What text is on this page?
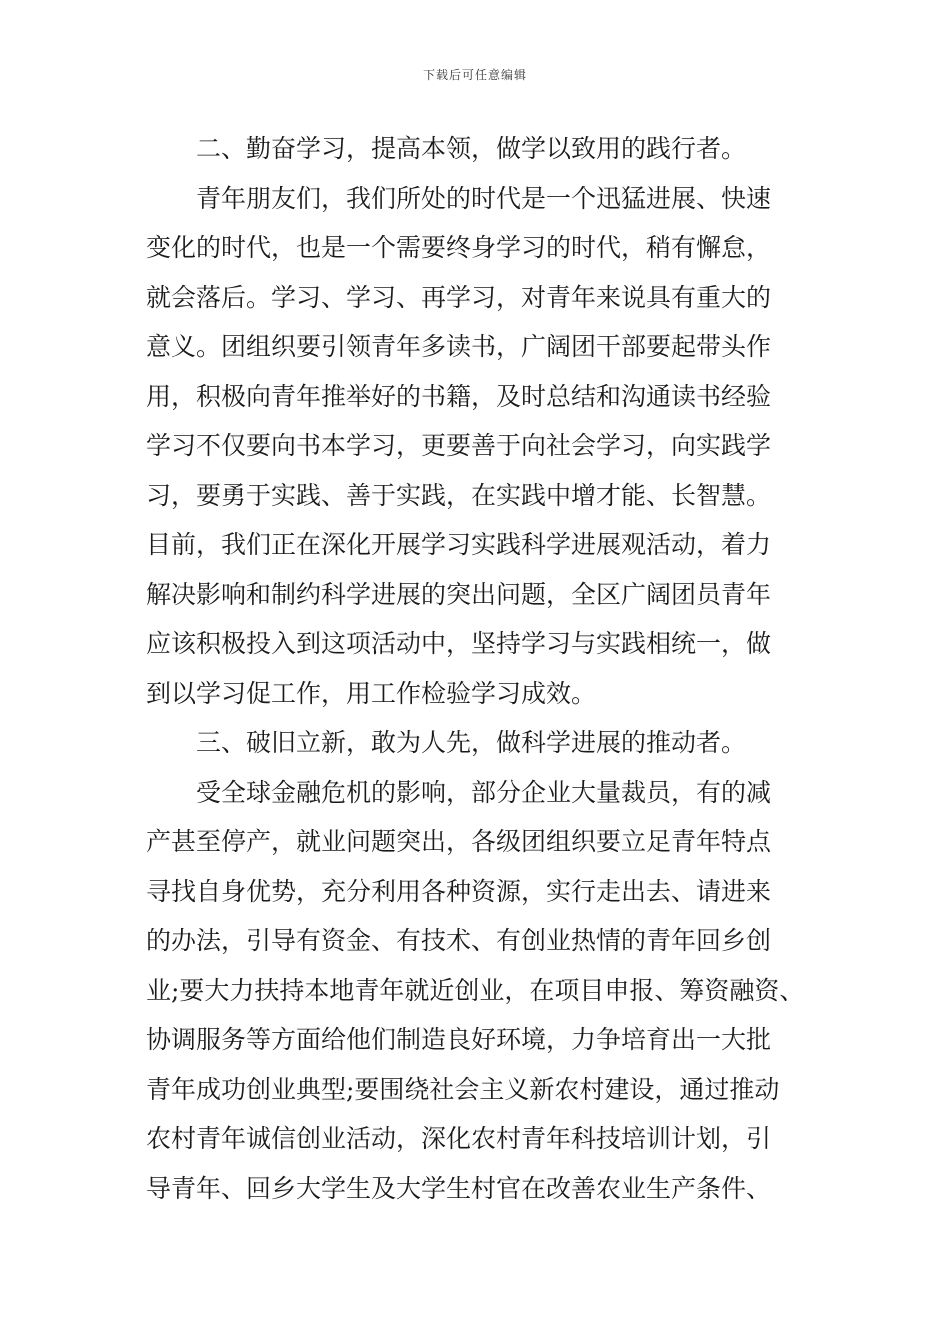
下载后可任意编辑
二、勤奋学习，提高本领，做学以致用的践行者。
青年朋友们，我们所处的时代是一个迅猛进展、快速
变化的时代，也是一个需要终身学习的时代，稍有懈怠，
就会落后。学习、学习、再学习，对青年来说具有重大的
意义。团组织要引领青年多读书，广阔团干部要起带头作
用，积极向青年推举好的书籍，及时总结和沟通读书经验
学习不仅要向书本学习，更要善于向社会学习，向实践学
习，要勇于实践、善于实践，在实践中增才能、长智慧。
目前，我们正在深化开展学习实践科学进展观活动，着力
解决影响和制约科学进展的突出问题，全区广阔团员青年
应该积极投入到这项活动中，坚持学习与实践相统一，做
到以学习促工作，用工作检验学习成效。
三、破旧立新，敢为人先，做科学进展的推动者。
受全球金融危机的影响，部分企业大量裁员，有的减
产甚至停产，就业问题突出，各级团组织要立足青年特点
寻找自身优势，充分利用各种资源，实行走出去、请进来
的办法，引导有资金、有技术、有创业热情的青年回乡创
业;要大力扶持本地青年就近创业，在项目申报、筹资融资、
协调服务等方面给他们制造良好环境，力争培育出一大批
青年成功创业典型;要围绕社会主义新农村建设，通过推动
农村青年诚信创业活动，深化农村青年科技培训计划，引
导青年、回乡大学生及大学生村官在改善农业生产条件、
